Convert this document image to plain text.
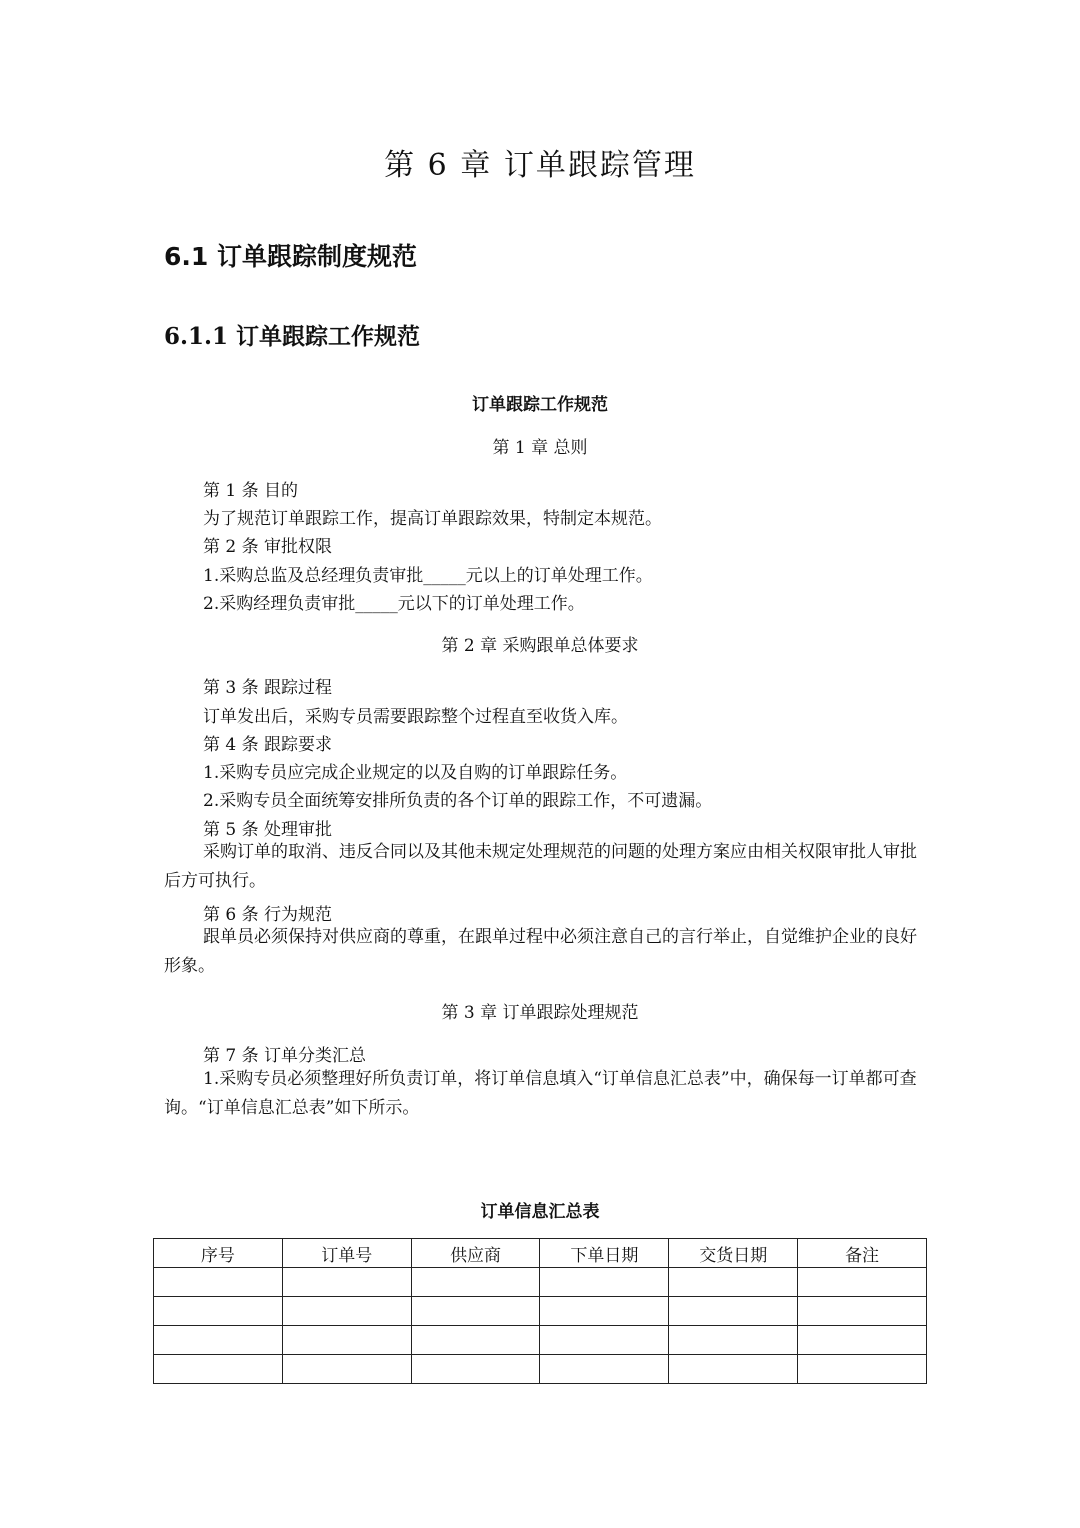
第 6 章 订单跟踪管理
6.1 订单跟踪制度规范
6.1.1 订单跟踪工作规范
订单跟踪工作规范
第 1 章 总则
第 1 条 目的
为了规范订单跟踪工作，提高订单跟踪效果，特制定本规范。
第 2 条 审批权限
1.采购总监及总经理负责审批_____元以上的订单处理工作。
2.采购经理负责审批_____元以下的订单处理工作。
第 2 章 采购跟单总体要求
第 3 条 跟踪过程
订单发出后，采购专员需要跟踪整个过程直至收货入库。
第 4 条 跟踪要求
1.采购专员应完成企业规定的以及自购的订单跟踪任务。
2.采购专员全面统筹安排所负责的各个订单的跟踪工作，不可遗漏。
第 5 条 处理审批
采购订单的取消、违反合同以及其他未规定处理规范的问题的处理方案应由相关权限审批人审批后方可执行。
第 6 条 行为规范
跟单员必须保持对供应商的尊重，在跟单过程中必须注意自己的言行举止，自觉维护企业的良好形象。
第 3 章 订单跟踪处理规范
第 7 条 订单分类汇总
1.采购专员必须整理好所负责订单，将订单信息填入“订单信息汇总表”中，确保每一订单都可查询。“订单信息汇总表”如下所示。
订单信息汇总表
序号	订单号	供应商	下单日期	交货日期	备注
